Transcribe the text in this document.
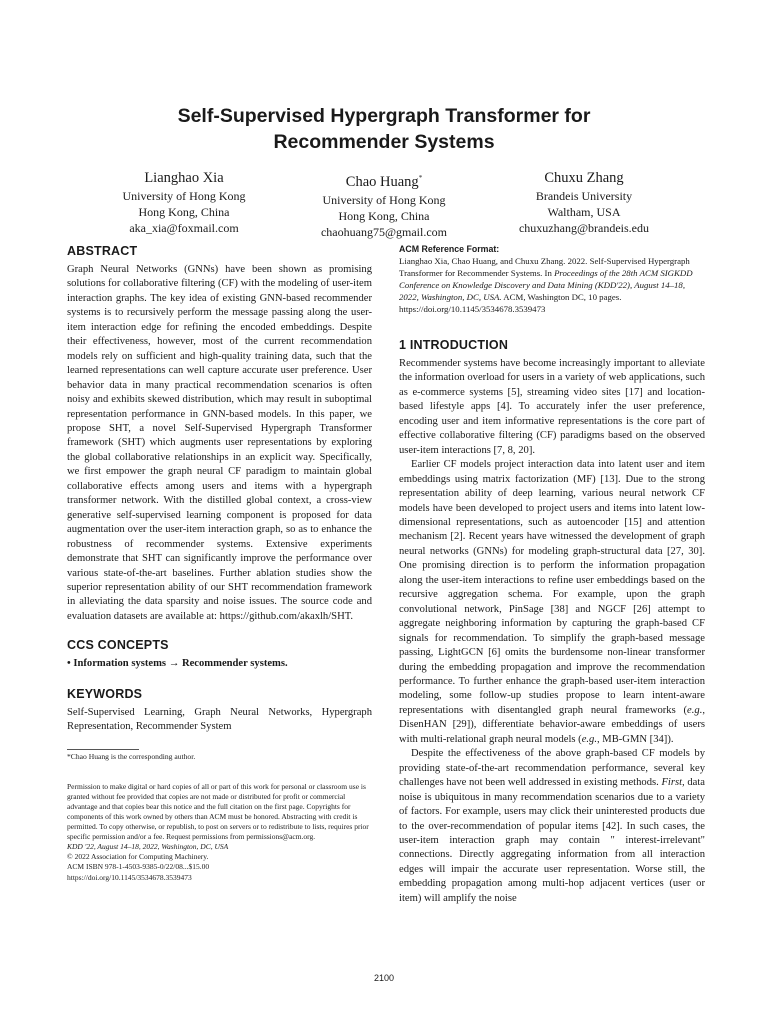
Self-Supervised Hypergraph Transformer for
Recommender Systems
Lianghao Xia
University of Hong Kong
Hong Kong, China
aka_xia@foxmail.com
Chao Huang*
University of Hong Kong
Hong Kong, China
chaohuang75@gmail.com
Chuxu Zhang
Brandeis University
Waltham, USA
chuxuzhang@brandeis.edu
ABSTRACT

Graph Neural Networks (GNNs) have been shown as promising solutions for collaborative filtering (CF) with the modeling of user-item interaction graphs. The key idea of existing GNN-based recommender systems is to recursively perform the message passing along the user-item interaction edge for refining the encoded embeddings. Despite their effectiveness, however, most of the current recommendation models rely on sufficient and high-quality training data, such that the learned representations can well capture accurate user preference. User behavior data in many practical recommendation scenarios is often noisy and exhibits skewed distribution, which may result in suboptimal representation performance in GNN-based models. In this paper, we propose SHT, a novel Self-Supervised Hypergraph Transformer framework (SHT) which augments user representations by exploring the global collaborative relationships in an explicit way. Specifically, we first empower the graph neural CF paradigm to maintain global collaborative effects among users and items with a hypergraph transformer network. With the distilled global context, a cross-view generative self-supervised learning component is proposed for data augmentation over the user-item interaction graph, so as to enhance the robustness of recommender systems. Extensive experiments demonstrate that SHT can significantly improve the performance over various state-of-the-art baselines. Further ablation studies show the superior representation ability of our SHT recommendation framework in alleviating the data sparsity and noise issues. The source code and evaluation datasets are available at: https://github.com/akaxlh/SHT.

CCS CONCEPTS
• Information systems → Recommender systems.
KEYWORDS

Self-Supervised Learning, Graph Neural Networks, Hypergraph Representation, Recommender System

*Chao Huang is the corresponding author.
Permission to make digital or hard copies of all or part of this work for personal or classroom use is granted without fee provided that copies are not made or distributed for profit or commercial advantage and that copies bear this notice and the full citation on the first page. Copyrights for components of this work owned by others than ACM must be honored. Abstracting with credit is permitted. To copy otherwise, or republish, to post on servers or to redistribute to lists, requires prior specific permission and/or a fee. Request permissions from permissions@acm.org.
KDD '22, August 14–18, 2022, Washington, DC, USA
© 2022 Association for Computing Machinery.
ACM ISBN 978-1-4503-9385-0/22/08...$15.00
https://doi.org/10.1145/3534678.3539473
ACM Reference Format:
Lianghao Xia, Chao Huang, and Chuxu Zhang. 2022. Self-Supervised Hypergraph Transformer for Recommender Systems. In Proceedings of the 28th ACM SIGKDD Conference on Knowledge Discovery and Data Mining (KDD'22), August 14–18, 2022, Washington, DC, USA. ACM, Washington DC, 10 pages. https://doi.org/10.1145/3534678.3539473
1 INTRODUCTION

Recommender systems have become increasingly important to alleviate the information overload for users in a variety of web applications, such as e-commerce systems [5], streaming video sites [17] and location-based lifestyle apps [4]. To accurately infer the user preference, encoding user and item informative representations is the core part of effective collaborative filtering (CF) paradigms based on the observed user-item interactions [7, 8, 20].

Earlier CF models project interaction data into latent user and item embeddings using matrix factorization (MF) [13]. Due to the strong representation ability of deep learning, various neural network CF models have been developed to project users and items into latent low-dimensional representations, such as autoencoder [15] and attention mechanism [2]. Recent years have witnessed the development of graph neural networks (GNNs) for modeling graph-structural data [27, 30]. One promising direction is to perform the information propagation along the user-item interactions to refine user embeddings based on the recursive aggregation schema. For example, upon the graph convolutional network, PinSage [38] and NGCF [26] attempt to aggregate neighboring information by capturing the graph-based CF signals for recommendation. To simplify the graph-based message passing, LightGCN [6] omits the burdensome non-linear transformer during the embedding propagation and improve the recommendation performance. To further enhance the graph-based user-item interaction modeling, some follow-up studies propose to learn intent-aware representations with disentangled graph neural frameworks (e.g., DisenHAN [29]), differentiate behavior-aware embeddings of users with multi-relational graph neural models (e.g., MB-GMN [34]).

Despite the effectiveness of the above graph-based CF models by providing state-of-the-art recommendation performance, several key challenges have not been well addressed in existing methods. First, data noise is ubiquitous in many recommendation scenarios due to a variety of factors. For example, users may click their uninterested products due to the over-recommendation of popular items [42]. In such cases, the user-item interaction graph may contain " interest-irrelevant" connections. Directly aggregating information from all interaction edges will impair the accurate user representation. Worse still, the embedding propagation among multi-hop adjacent vertices (user or item) will amplify the noise

2100
